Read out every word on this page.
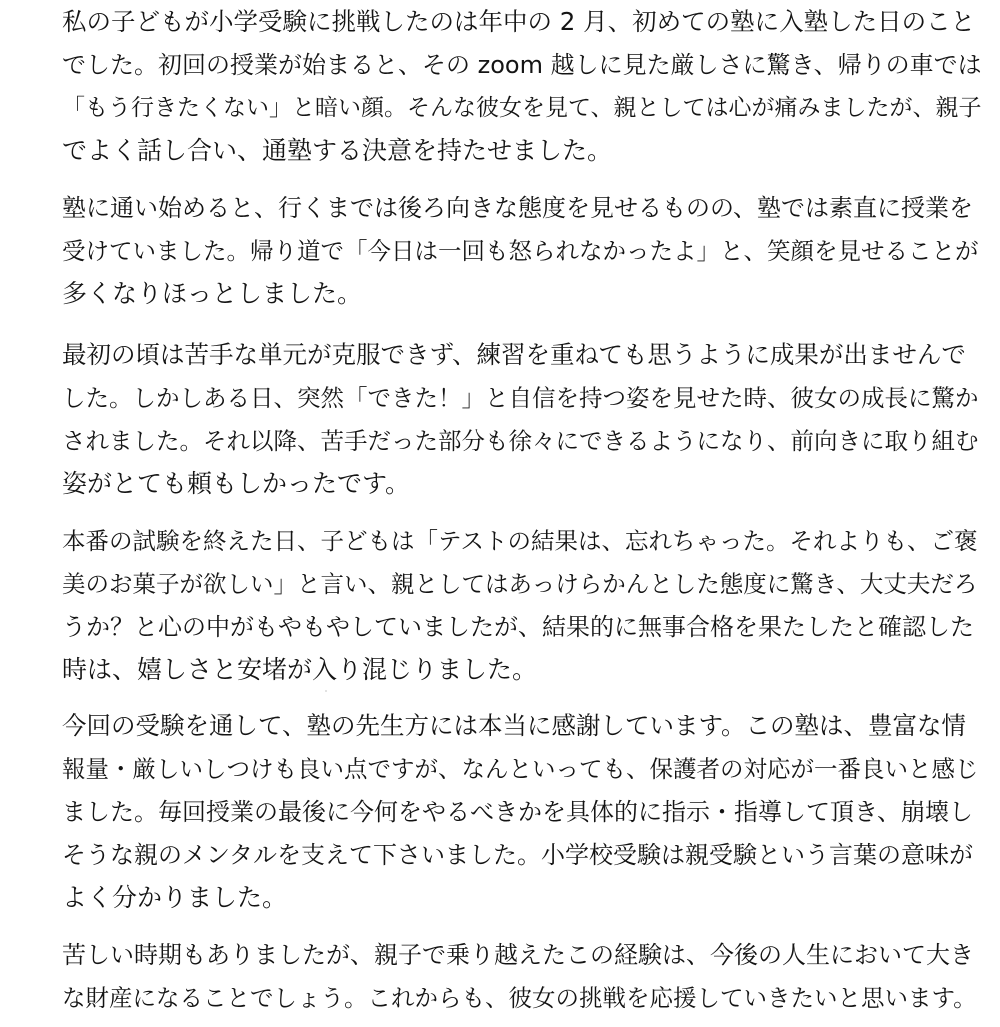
私の子どもが小学受験に挑戦したのは年中の 2 月、初めての塾に入塾した日のこと
でした。初回の授業が始まると、その zoom 越しに見た厳しさに驚き、帰りの車では
「もう行きたくない」と暗い顔。そんな彼女を見て、親としては心が痛みましたが、親子
でよく話し合い、通塾する決意を持たせました。
塾に通い始めると、行くまでは後ろ向きな態度を見せるものの、塾では素直に授業を
受けていました。帰り道で「今日は一回も怒られなかったよ」と、笑顔を見せることが
多くなりほっとしました。
最初の頃は苦手な単元が克服できず、練習を重ねても思うように成果が出ませんで
した。しかしある日、突然「できた！」と自信を持つ姿を見せた時、彼女の成長に驚か
されました。それ以降、苦手だった部分も徐々にできるようになり、前向きに取り組む
姿がとても頼もしかったです。
本番の試験を終えた日、子どもは「テストの結果は、忘れちゃった。それよりも、ご褒
美のお菓子が欲しい」と言い、親としてはあっけらかんとした態度に驚き、大丈夫だろ
うか？と心の中がもやもやしていましたが、結果的に無事合格を果たしたと確認した
時は、嬉しさと安堵が入り混じりました。
今回の受験を通して、塾の先生方には本当に感謝しています。この塾は、豊富な情
報量・厳しいしつけも良い点ですが、なんといっても、保護者の対応が一番良いと感じ
ました。毎回授業の最後に今何をやるべきかを具体的に指示・指導して頂き、崩壊し
そうな親のメンタルを支えて下さいました。小学校受験は親受験という言葉の意味が
よく分かりました。
苦しい時期もありましたが、親子で乗り越えたこの経験は、今後の人生において大き
な財産になることでしょう。これからも、彼女の挑戦を応援していきたいと思います。
